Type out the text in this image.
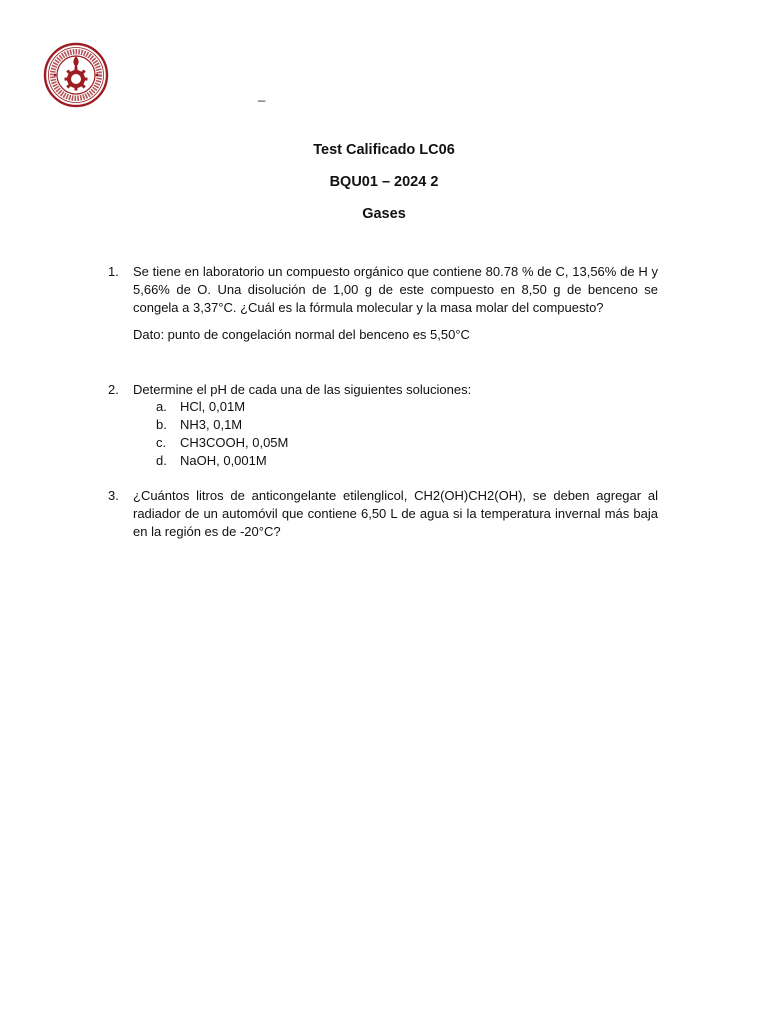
_
Test Calificado LC06
BQU01 – 2024 2
Gases
1. Se tiene en laboratorio un compuesto orgánico que contiene 80.78 % de C, 13,56% de H y 5,66% de O. Una disolución de 1,00 g de este compuesto en 8,50 g de benceno se congela a 3,37°C. ¿Cuál es la fórmula molecular y la masa molar del compuesto?

Dato: punto de congelación normal del benceno es 5,50°C

2. Determine el pH de cada una de las siguientes soluciones:

a. HCl, 0,01M
b. NH3, 0,1M
c. CH3COOH, 0,05M
d. NaOH, 0,001M
3. ¿Cuántos litros de anticongelante etilenglicol, CH2(OH)CH2(OH), se deben agregar al radiador de un automóvil que contiene 6,50 L de agua si la temperatura invernal más baja en la región es de -20°C?
